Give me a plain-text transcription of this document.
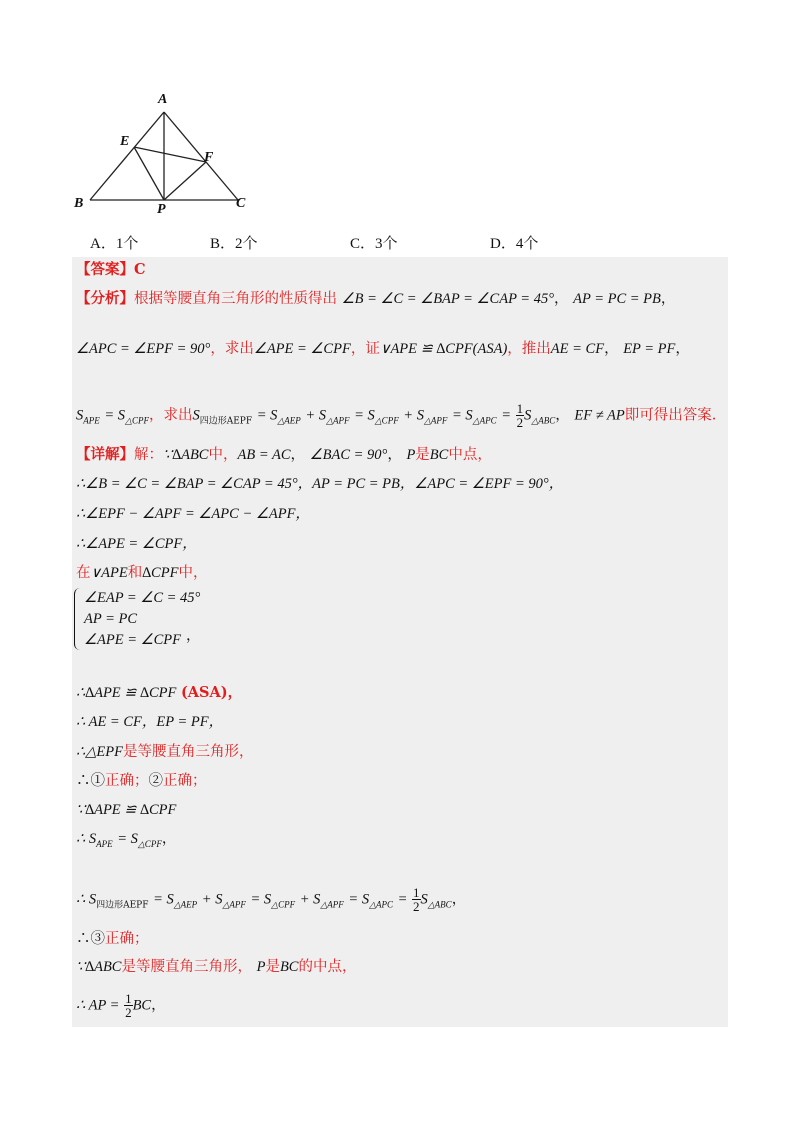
A
B	C
E
F
P
A．1个	B．2个	C．3个	D．4个
【答案】C
【分析】根据等腰直角三角形的性质得出 ∠B = ∠C = ∠BAP = ∠CAP = 45°， AP = PC = PB，
∠APC = ∠EPF = 90°，求出∠APE = ∠CPF，证∨APE ≌ ∆CPF(ASA)，推出AE = CF， EP = PF，
$S_{APE} = S_{\triangle CPF}$，求出$S_{四边形AEPF} = S_{\triangle AEP} + S_{\triangle APF} = S_{\triangle CPF} + S_{\triangle APF} = S_{\triangle APC} = \frac{1}{2} S_{\triangle ABC}$， EF ≠ AP即可得出答案.
【详解】解：∵∆ABC中，AB = AC， ∠BAC = 90°， P是BC中点，
∴∠B = ∠C = ∠BAP = ∠CAP = 45°，AP = PC = PB，∠APC = ∠EPF = 90°，
∴∠EPF − ∠APF = ∠APC − ∠APF，
∴∠APE = ∠CPF，
在∨APE和∆CPF中，
∠EAP = ∠C = 45°
AP = PC
∠APE = ∠CPF ，
∴∆APE ≌ ∆CPF (ASA)，
∴ AE = CF，EP = PF，
∴△EPF是等腰直角三角形，
∴①正确；②正确；
∵∆APE ≌ ∆CPF
∴ $S_{APE} = S_{\triangle CPF}$，
∴ $S_{四边形AEPF} = S_{\triangle AEP} + S_{\triangle APF} = S_{\triangle CPF} + S_{\triangle APF} = S_{\triangle APC} = \frac{1}{2} S_{\triangle ABC}$，
∴③正确；
∵∆ABC是等腰直角三角形， P是BC的中点，
∴ AP = $\frac{1}{2}$ BC，
